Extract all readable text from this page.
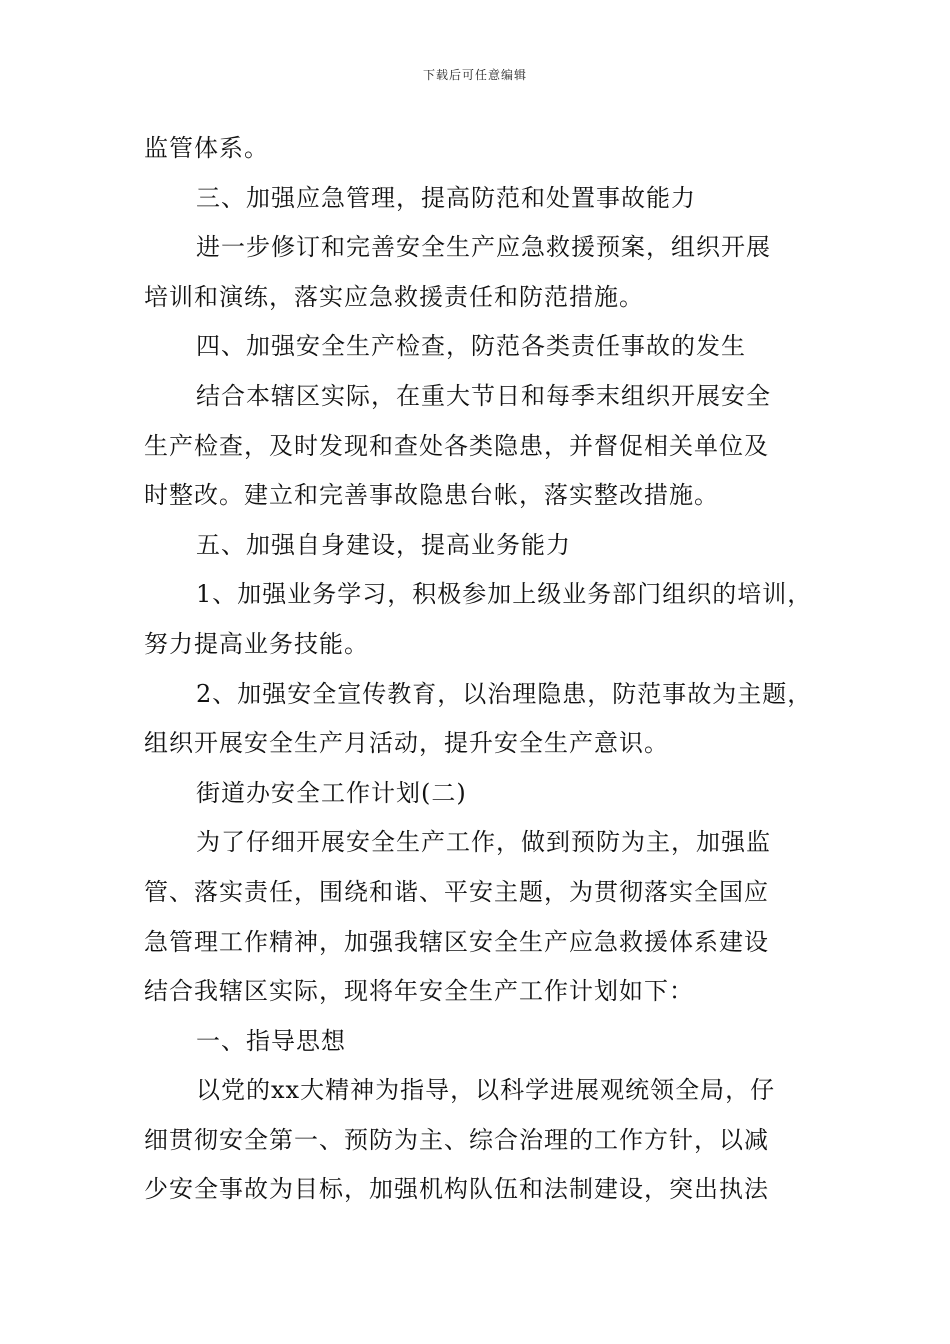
下载后可任意编辑

监管体系。

三、加强应急管理，提高防范和处置事故能力

进一步修订和完善安全生产应急救援预案，组织开展

培训和演练，落实应急救援责任和防范措施。

四、加强安全生产检查，防范各类责任事故的发生

结合本辖区实际，在重大节日和每季末组织开展安全

生产检查，及时发现和查处各类隐患，并督促相关单位及

时整改。建立和完善事故隐患台帐，落实整改措施。

五、加强自身建设，提高业务能力

1、加强业务学习，积极参加上级业务部门组织的培训，

努力提高业务技能。

2、加强安全宣传教育，以治理隐患，防范事故为主题，

组织开展安全生产月活动，提升安全生产意识。

街道办安全工作计划(二)

为了仔细开展安全生产工作，做到预防为主，加强监

管、落实责任，围绕和谐、平安主题，为贯彻落实全国应

急管理工作精神，加强我辖区安全生产应急救援体系建设

结合我辖区实际，现将年安全生产工作计划如下：

一、指导思想

以党的xx大精神为指导，以科学进展观统领全局，仔

细贯彻安全第一、预防为主、综合治理的工作方针，以减

少安全事故为目标，加强机构队伍和法制建设，突出执法
